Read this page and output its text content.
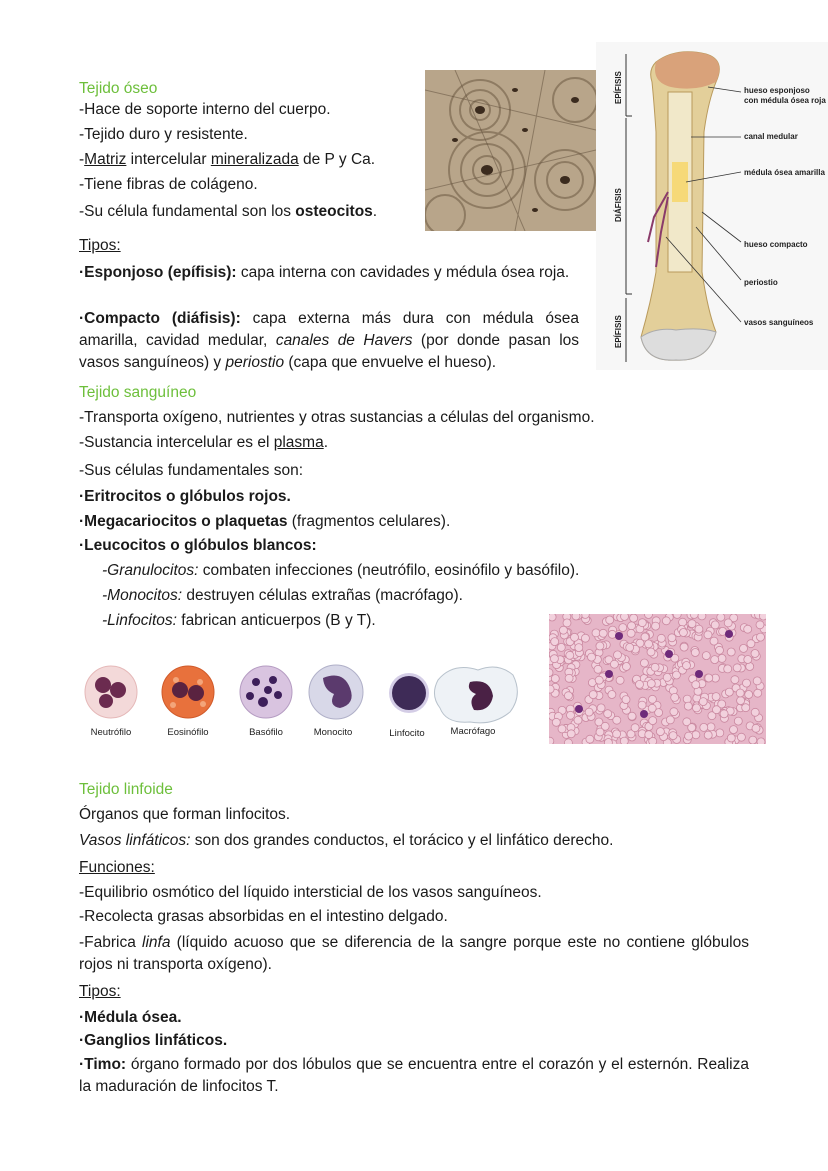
Tejido óseo
-Hace de soporte interno del cuerpo.
-Tejido duro y resistente.
-Matriz intercelular mineralizada de P y Ca.
-Tiene fibras de colágeno.
-Su célula fundamental son los osteocitos.
Tipos:
·Esponjoso (epífisis): capa interna con cavidades y médula ósea roja.
·Compacto (diáfisis): capa externa más dura con médula ósea amarilla, cavidad medular, canales de Havers (por donde pasan los vasos sanguíneos) y periostio (capa que envuelve el hueso).
EPÍFISIS
DIÁFISIS
EPÍFISIS
hueso esponjoso
con médula ósea roja
canal medular
médula ósea amarilla
hueso compacto
periostio
vasos sanguíneos
Tejido sanguíneo
-Transporta oxígeno, nutrientes y otras sustancias a células del organismo.
-Sustancia intercelular es el plasma.
-Sus células fundamentales son:
·Eritrocitos o glóbulos rojos.
·Megacariocitos o plaquetas (fragmentos celulares).
·Leucocitos o glóbulos blancos:
-Granulocitos: combaten infecciones (neutrófilo, eosinófilo y basófilo).
-Monocitos: destruyen células extrañas (macrófago).
-Linfocitos: fabrican anticuerpos (B y T).
Neutrófilo	Eosinófilo	Basófilo	Monocito	Linfocito	Macrófago
Tejido linfoide
Órganos que forman linfocitos.
Vasos linfáticos: son dos grandes conductos, el torácico y el linfático derecho.
Funciones:
-Equilibrio osmótico del líquido intersticial de los vasos sanguíneos.
-Recolecta grasas absorbidas en el intestino delgado.
-Fabrica linfa (líquido acuoso que se diferencia de la sangre porque este no contiene glóbulos rojos ni transporta oxígeno).
Tipos:
·Médula ósea.
·Ganglios linfáticos.
·Timo: órgano formado por dos lóbulos que se encuentra entre el corazón y el esternón. Realiza la maduración de linfocitos T.
